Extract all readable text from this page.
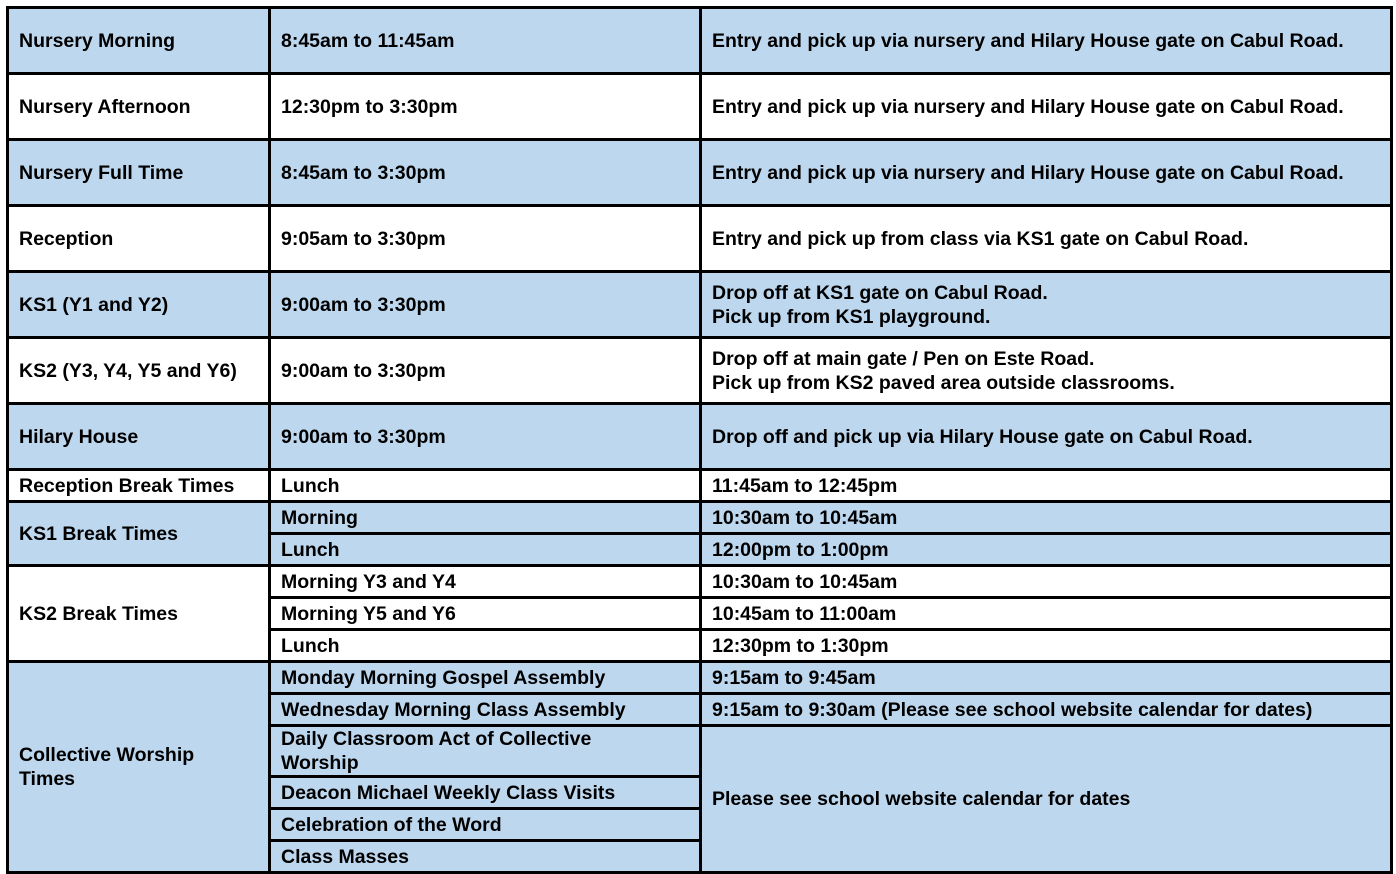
Nursery Morning	8:45am to 11:45am	Entry and pick up via nursery and Hilary House gate on Cabul Road.

Nursery Afternoon	12:30pm to 3:30pm	Entry and pick up via nursery and Hilary House gate on Cabul Road.

Nursery Full Time	8:45am to 3:30pm	Entry and pick up via nursery and Hilary House gate on Cabul Road.

Reception	9:05am to 3:30pm	Entry and pick up from class via KS1 gate on Cabul Road.

KS1 (Y1 and Y2)	9:00am to 3:30pm	Drop off at KS1 gate on Cabul Road.
Pick up from KS1 playground.

KS2 (Y3, Y4, Y5 and Y6)	9:00am to 3:30pm	Drop off at main gate / Pen on Este Road.
Pick up from KS2 paved area outside classrooms.

Hilary House	9:00am to 3:30pm	Drop off and pick up via Hilary House gate on Cabul Road.

Reception Break Times	Lunch	11:45am to 12:45pm
KS1 Break Times	Morning	10:30am to 10:45am
	Lunch	12:00pm to 1:00pm
KS2 Break Times	Morning Y3 and Y4	10:30am to 10:45am
	Morning Y5 and Y6	10:45am to 11:00am
	Lunch	12:30pm to 1:30pm
Collective Worship Times	Monday Morning Gospel Assembly	9:15am to 9:45am
	Wednesday Morning Class Assembly	9:15am to 9:30am (Please see school website calendar for dates)
	Daily Classroom Act of Collective Worship	Please see school website calendar for dates
	Deacon Michael Weekly Class Visits	
	Celebration of the Word	
	Class Masses	
